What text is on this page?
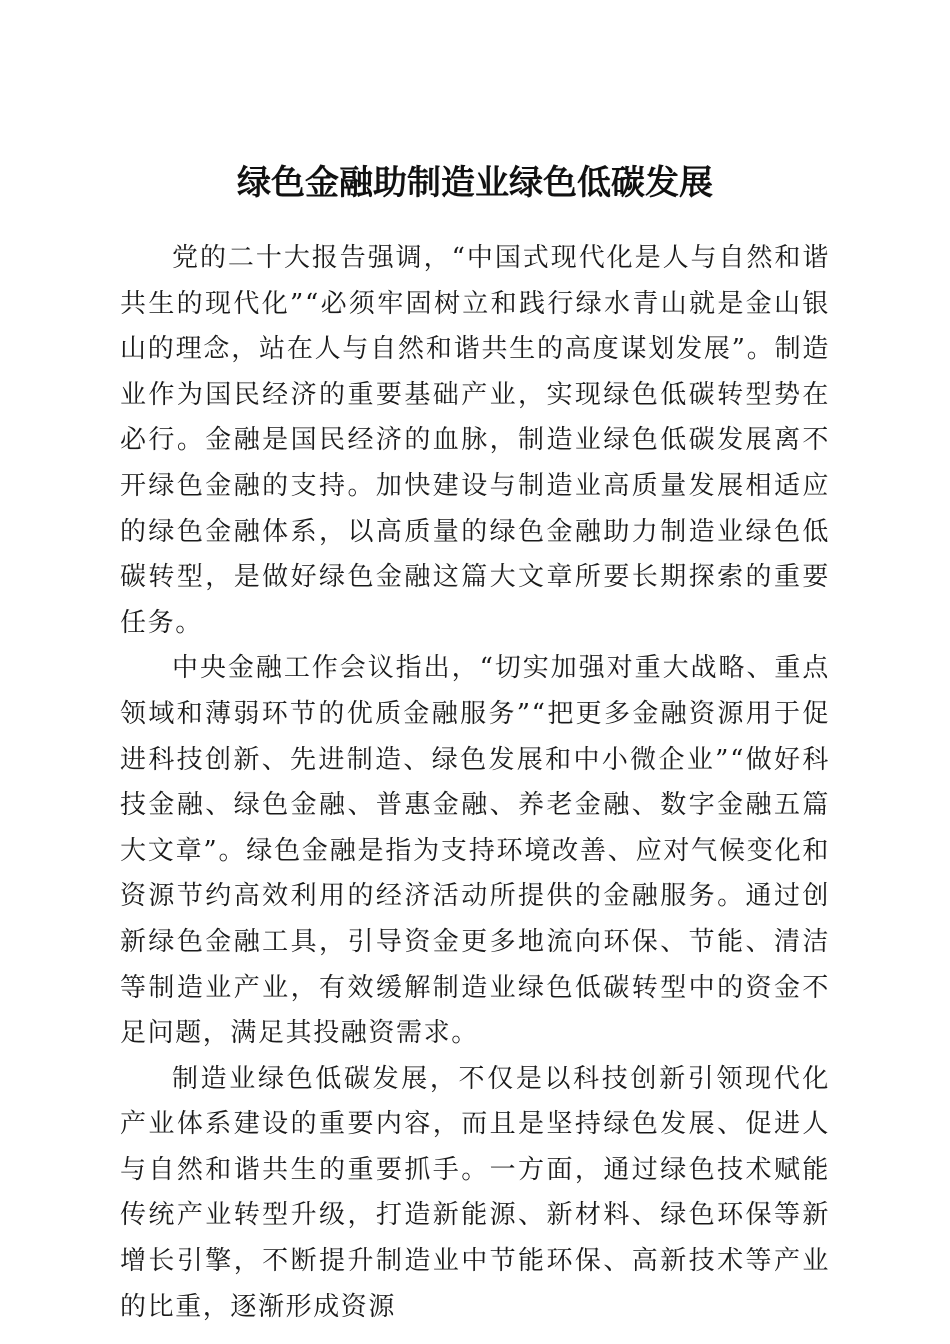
绿色金融助制造业绿色低碳发展

党的二十大报告强调，“中国式现代化是人与自然和谐共生的现代化”“必须牢固树立和践行绿水青山就是金山银山的理念，站在人与自然和谐共生的高度谋划发展”。制造业作为国民经济的重要基础产业，实现绿色低碳转型势在必行。金融是国民经济的血脉，制造业绿色低碳发展离不开绿色金融的支持。加快建设与制造业高质量发展相适应的绿色金融体系，以高质量的绿色金融助力制造业绿色低碳转型，是做好绿色金融这篇大文章所要长期探索的重要任务。

中央金融工作会议指出，“切实加强对重大战略、重点领域和薄弱环节的优质金融服务”“把更多金融资源用于促进科技创新、先进制造、绿色发展和中小微企业”“做好科技金融、绿色金融、普惠金融、养老金融、数字金融五篇大文章”。绿色金融是指为支持环境改善、应对气候变化和资源节约高效利用的经济活动所提供的金融服务。通过创新绿色金融工具，引导资金更多地流向环保、节能、清洁等制造业产业，有效缓解制造业绿色低碳转型中的资金不足问题，满足其投融资需求。

制造业绿色低碳发展，不仅是以科技创新引领现代化产业体系建设的重要内容，而且是坚持绿色发展、促进人与自然和谐共生的重要抓手。一方面，通过绿色技术赋能传统产业转型升级，打造新能源、新材料、绿色环保等新增长引擎，不断提升制造业中节能环保、高新技术等产业的比重，逐渐形成资源
